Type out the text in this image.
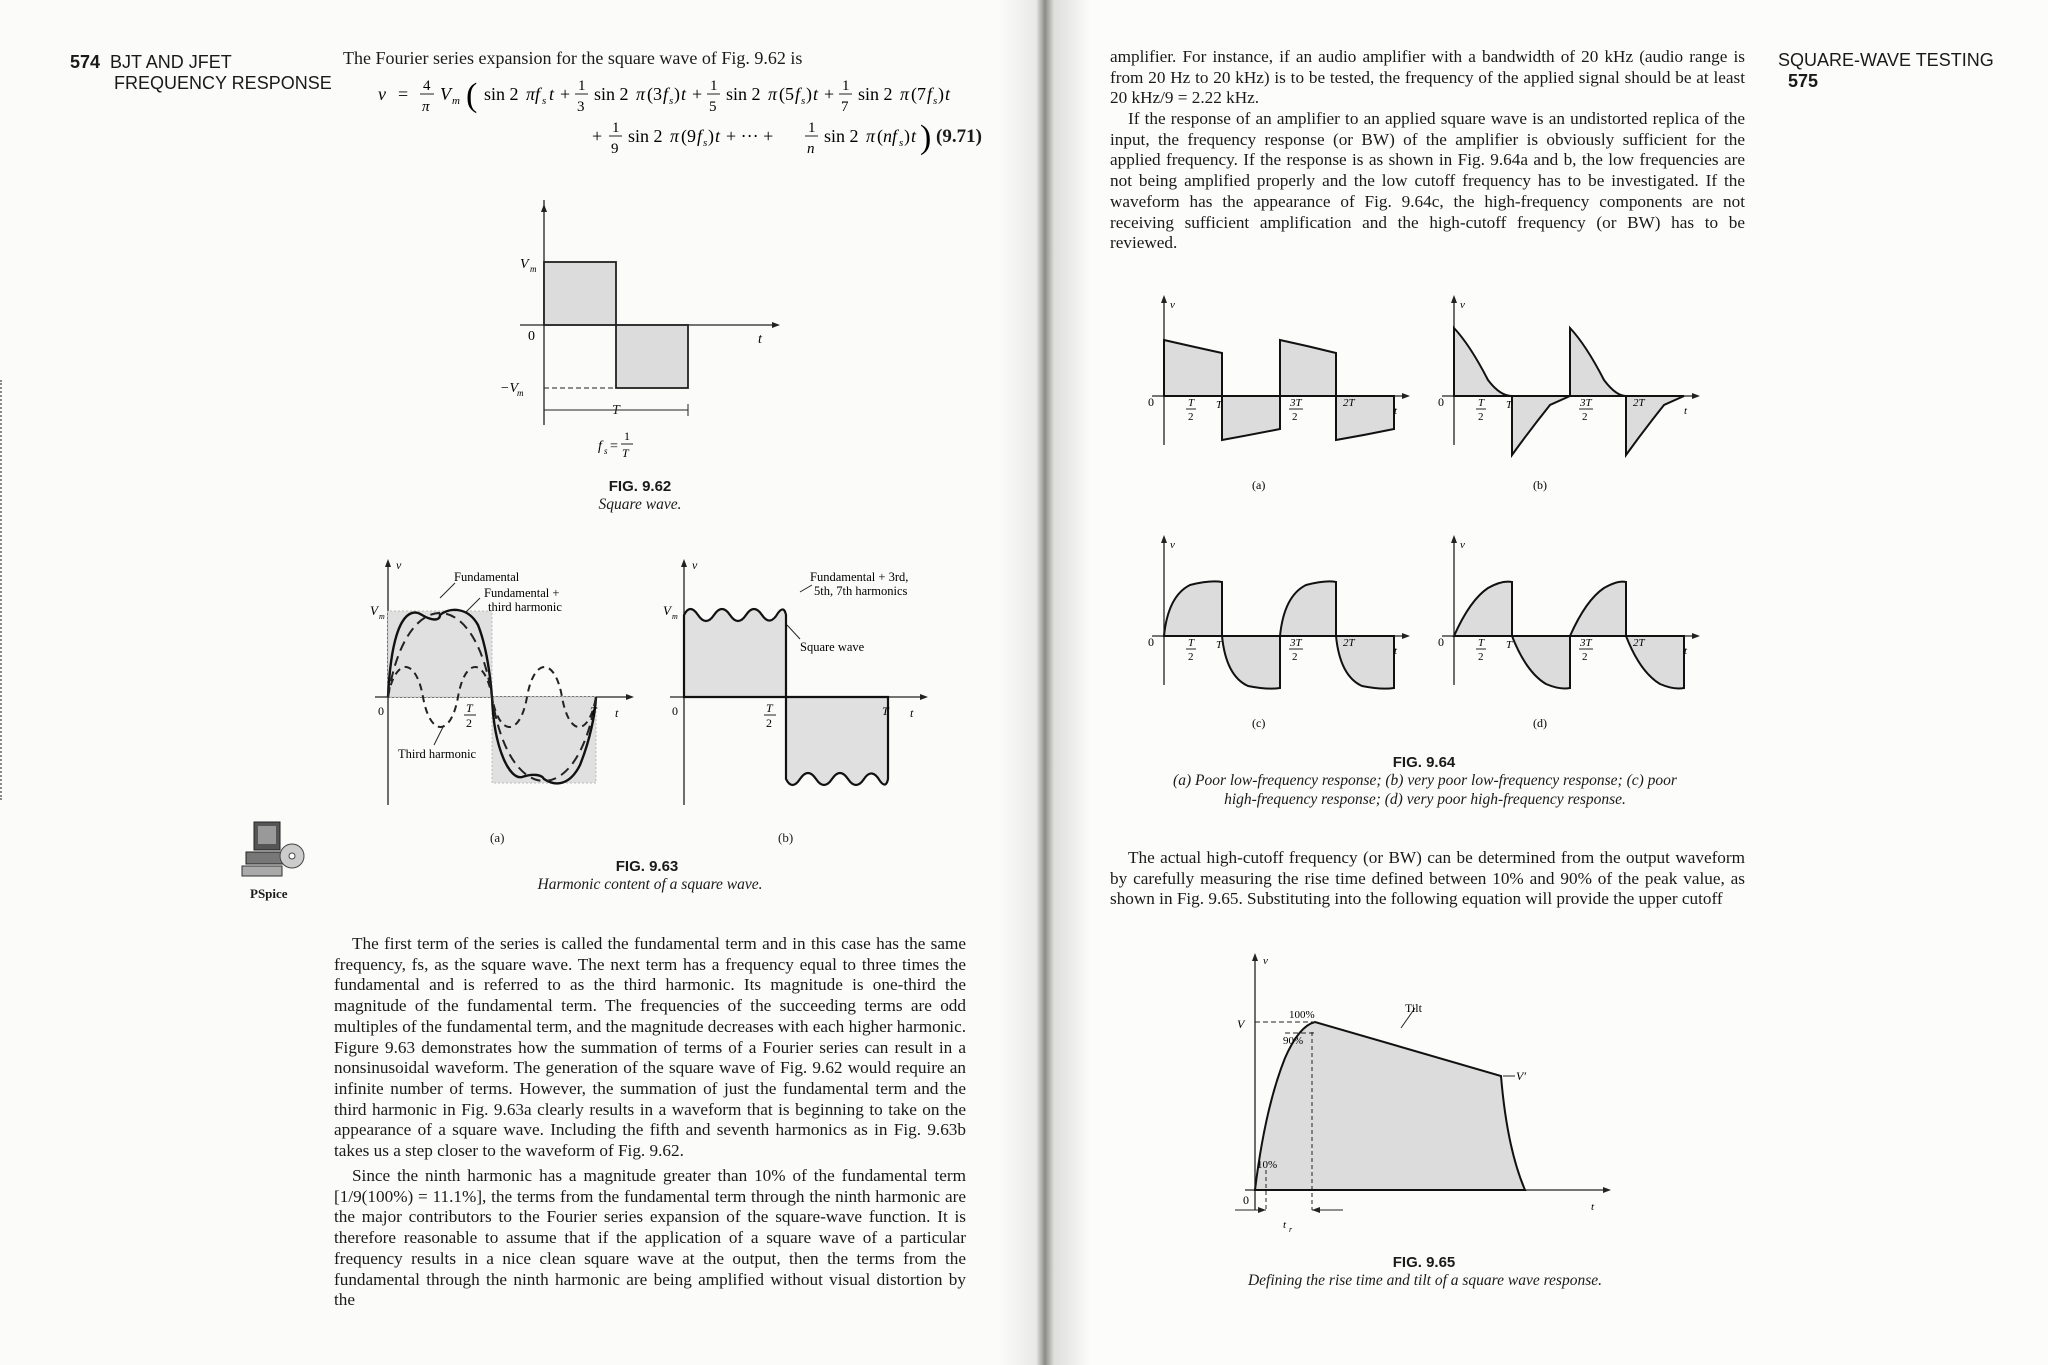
574 BJT AND JFET
FREQUENCY RESPONSE
The Fourier series expansion for the square wave of Fig. 9.62 is
v = 4
π
V m ( sin 2 πf s t + 1
3
sin 2 π (3 f s ) t + 1
5
sin 2 π (5 f s ) t + 1
7
sin 2 π (7 f s ) t
+ 1
9
sin 2 π (9 f s ) t + ··· + 1
n
sin 2 π ( nf s ) t ) (9.71)
V m
0
−V m
t
T
f s =
1
T
FIG. 9.62
Square wave.
Fundamental
Fundamental +
third harmonic
Third harmonic
v
V m
0	T t
T
2
(a)
Fundamental + 3rd,
5th, 7th harmonics
Square wave
v
V m
0	T t
T
2
(b)
FIG. 9.63
Harmonic content of a square wave.
PSpice
The first term of the series is called the fundamental term and in this case has the same frequency, fs, as the square wave. The next term has a frequency equal to three times the fundamental and is referred to as the third harmonic. Its magnitude is one-third the magnitude of the fundamental term. The frequencies of the succeeding terms are odd multiples of the fundamental term, and the magnitude decreases with each higher harmonic. Figure 9.63 demonstrates how the summation of terms of a Fourier series can result in a nonsinusoidal waveform. The generation of the square wave of Fig. 9.62 would require an infinite number of terms. However, the summation of just the fundamental term and the third harmonic in Fig. 9.63a clearly results in a waveform that is beginning to take on the appearance of a square wave. Including the fifth and seventh harmonics as in Fig. 9.63b takes us a step closer to the waveform of Fig. 9.62.
Since the ninth harmonic has a magnitude greater than 10% of the fundamental term [1/9(100%) = 11.1%], the terms from the fundamental term through the ninth harmonic are the major contributors to the Fourier series expansion of the square-wave function. It is therefore reasonable to assume that if the application of a square wave of a particular frequency results in a nice clean square wave at the output, then the terms from the fundamental through the ninth harmonic are being amplified without visual distortion by the
SQUARE-WAVE TESTING 575
amplifier. For instance, if an audio amplifier with a bandwidth of 20 kHz (audio range is from 20 Hz to 20 kHz) is to be tested, the frequency of the applied signal should be at least 20 kHz/9 = 2.22 kHz.
If the response of an amplifier to an applied square wave is an undistorted replica of the input, the frequency response (or BW) of the amplifier is obviously sufficient for the applied frequency. If the response is as shown in Fig. 9.64a and b, the low frequencies are not being amplified properly and the low cutoff frequency has to be investigated. If the waveform has the appearance of Fig. 9.64c, the high-frequency components are not receiving sufficient amplification and the high-cutoff frequency (or BW) has to be reviewed.
v
0	T
T
2
3T
2
2T
t
(a)
v
0	T
T
2
3T
2
2T
t
(b)
v
0	T
T
2
3T
2
2T
t
(c)
v
0	T
T
2
3T
2
2T
t
(d)
FIG. 9.64
(a) Poor low-frequency response; (b) very poor low-frequency response; (c) poor
high-frequency response; (d) very poor high-frequency response.
The actual high-cutoff frequency (or BW) can be determined from the output waveform by carefully measuring the rise time defined between 10% and 90% of the peak value, as shown in Fig. 9.65. Substituting into the following equation will provide the upper cutoff
v
V
100%
90%
10%
Tilt
V′
0	t
t r
FIG. 9.65
Defining the rise time and tilt of a square wave response.
